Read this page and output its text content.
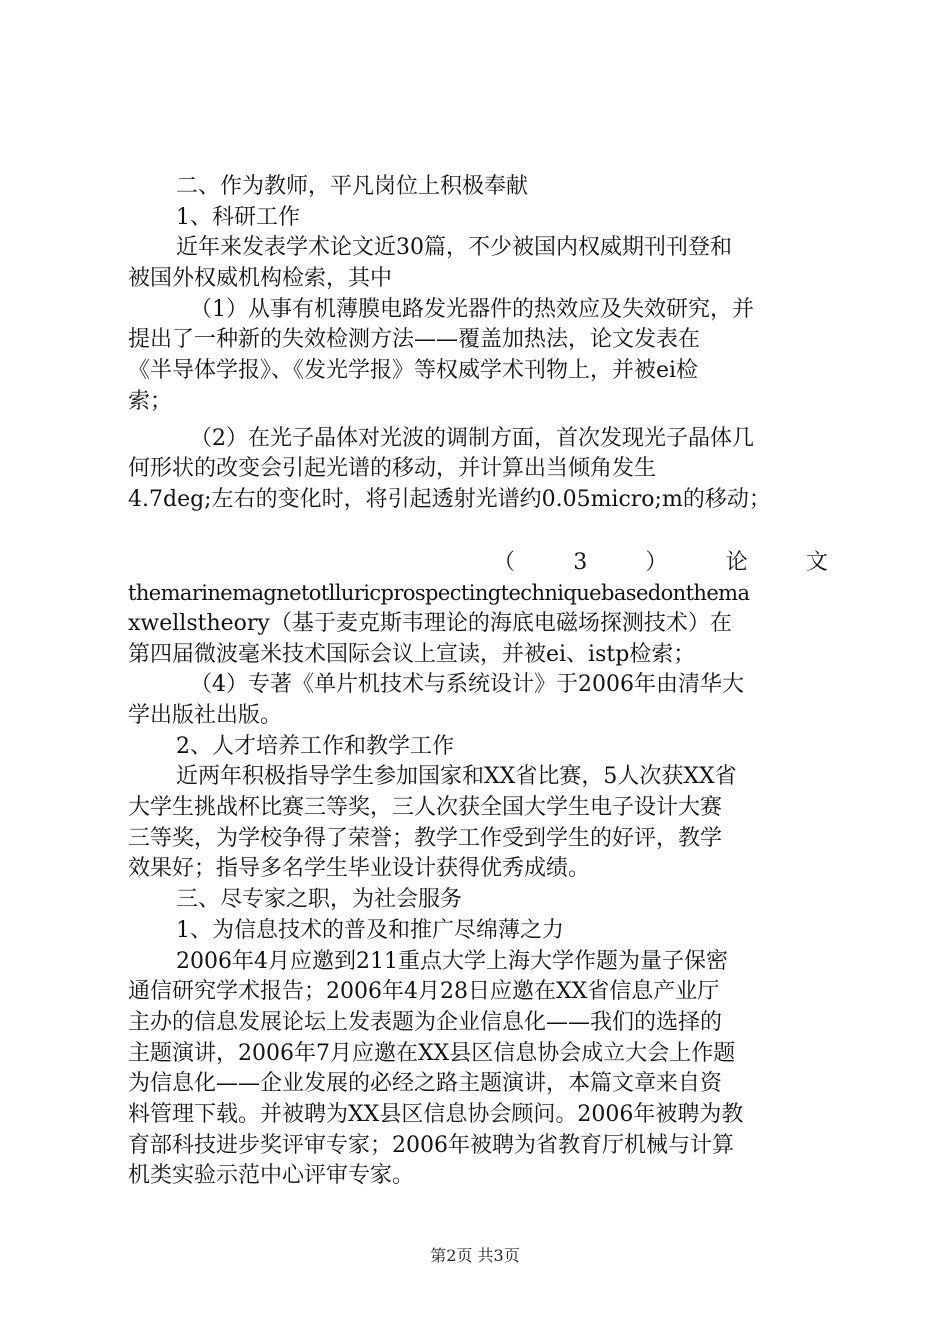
二、作为教师，平凡岗位上积极奉献
1、科研工作
近年来发表学术论文近30篇，不少被国内权威期刊刊登和
被国外权威机构检索，其中
（1）从事有机薄膜电路发光器件的热效应及失效研究，并
提出了一种新的失效检测方法——覆盖加热法，论文发表在
《半导体学报》、《发光学报》等权威学术刊物上，并被ei检
索；
（2）在光子晶体对光波的调制方面，首次发现光子晶体几
何形状的改变会引起光谱的移动，并计算出当倾角发生
4.7deg;左右的变化时，将引起透射光谱约0.05micro;m的移动；
（	3	）	论	文
themarinemagnetotlluricprospectingtechniquebasedonthema
xwellstheory（基于麦克斯韦理论的海底电磁场探测技术）在
第四届微波毫米技术国际会议上宣读，并被ei、istp检索；
（4）专著《单片机技术与系统设计》于2006年由清华大
学出版社出版。
2、人才培养工作和教学工作
近两年积极指导学生参加国家和XX省比赛，5人次获XX省
大学生挑战杯比赛三等奖，三人次获全国大学生电子设计大赛
三等奖，为学校争得了荣誉；教学工作受到学生的好评，教学
效果好；指导多名学生毕业设计获得优秀成绩。
三、尽专家之职，为社会服务
1、为信息技术的普及和推广尽绵薄之力
2006年4月应邀到211重点大学上海大学作题为量子保密
通信研究学术报告；2006年4月28日应邀在XX省信息产业厅
主办的信息发展论坛上发表题为企业信息化——我们的选择的
主题演讲，2006年7月应邀在XX县区信息协会成立大会上作题
为信息化——企业发展的必经之路主题演讲，本篇文章来自资
料管理下载。并被聘为XX县区信息协会顾问。2006年被聘为教
育部科技进步奖评审专家；2006年被聘为省教育厅机械与计算
机类实验示范中心评审专家。
第2页 共3页
